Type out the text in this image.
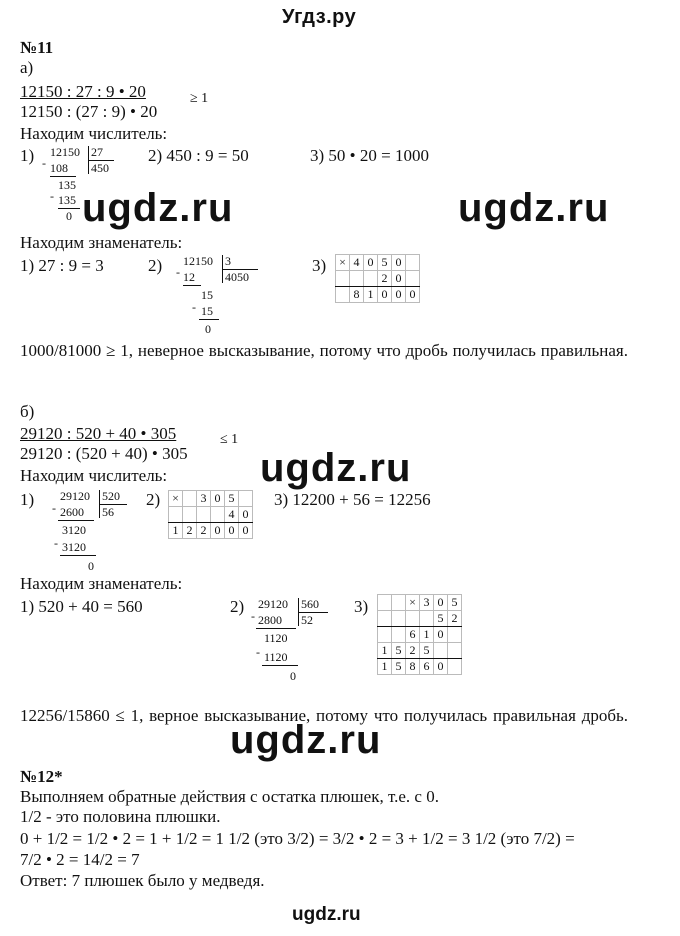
Угдз.ру
№11
а)
12150 : 27 : 9 • 20
12150 : (27 : 9) • 20
≥ 1
Находим числитель:
1) 12150 27
450
- 108
135
- 135
0
2) 450 : 9 = 50	3) 50 • 20 = 1000
ugdz.ru	ugdz.ru
Находим знаменатель:
1) 27 : 9 = 3	2) 12150 3
4050
- 12
15
- 15
0
3) ×	4	0	5	0	
			2	0	
	8	1	0	0	0
1000/81000 ≥ 1, неверное высказывание, потому что дробь получилась правильная.
б)
29120 : 520 + 40 • 305
29120 : (520 + 40) • 305
≤ 1
ugdz.ru
Находим числитель:
1) 29120 520
56
- 2600
3120
- 3120
0
2) ×		3	0	5	
				4	0
1	2	2	0	0	0
3) 12200 + 56 = 12256
Находим знаменатель:
1) 520 + 40 = 560	2) 29120 560
52
- 2800
1120
- 1120
0
3)
			×	3	0	5
				5	2
		6	1	0	
1	5	2	5		
1	5	8	6	0	
12256/15860 ≤ 1, верное высказывание, потому что получилась правильная дробь.
ugdz.ru
№12*
Выполняем обратные действия с остатка плюшек, т.е. с 0.
1/2 - это половина плюшки.
0 + 1/2 = 1/2 • 2 = 1 + 1/2 = 1 1/2 (это 3/2) = 3/2 • 2 = 3 + 1/2 = 3 1/2 (это 7/2) =
7/2 • 2 = 14/2 = 7
Ответ: 7 плюшек было у медведя.
ugdz.ru
